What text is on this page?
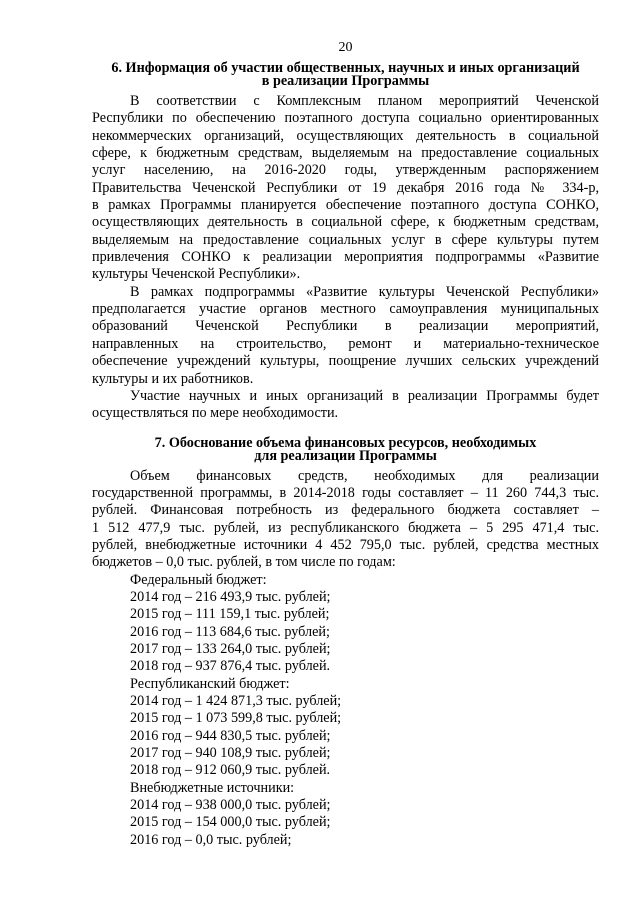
20
6. Информация об участии общественных, научных и иных организаций
в реализации Программы

В соответствии с Комплексным планом мероприятий Чеченской
Республики по обеспечению поэтапного доступа социально ориентированных
некоммерческих организаций, осуществляющих деятельность в социальной
сфере, к бюджетным средствам, выделяемым на предоставление социальных
услуг населению, на 2016-2020 годы, утвержденным распоряжением
Правительства Чеченской Республики от 19 декабря 2016 года № 334-р,
в рамках Программы планируется обеспечение поэтапного доступа СОНКО,
осуществляющих деятельность в социальной сфере, к бюджетным средствам,
выделяемым на предоставление социальных услуг в сфере культуры путем
привлечения СОНКО к реализации мероприятия подпрограммы «Развитие
культуры Чеченской Республики».

В рамках подпрограммы «Развитие культуры Чеченской Республики»
предполагается участие органов местного самоуправления муниципальных
образований Чеченской Республики в реализации мероприятий,
направленных на строительство, ремонт и материально-техническое
обеспечение учреждений культуры, поощрение лучших сельских учреждений
культуры и их работников.

Участие научных и иных организаций в реализации Программы будет
осуществляться по мере необходимости.

7. Обоснование объема финансовых ресурсов, необходимых
для реализации Программы

Объем финансовых средств, необходимых для реализации
государственной программы, в 2014-2018 годы составляет – 11 260 744,3 тыс.
рублей. Финансовая потребность из федерального бюджета составляет –
1 512 477,9 тыс. рублей, из республиканского бюджета – 5 295 471,4 тыс.
рублей, внебюджетные источники 4 452 795,0 тыс. рублей, средства местных
бюджетов – 0,0 тыс. рублей, в том числе по годам:

Федеральный бюджет:
2014 год – 216 493,9 тыс. рублей;
2015 год – 111 159,1 тыс. рублей;
2016 год – 113 684,6 тыс. рублей;
2017 год – 133 264,0 тыс. рублей;
2018 год – 937 876,4 тыс. рублей.
Республиканский бюджет:
2014 год – 1 424 871,3 тыс. рублей;
2015 год – 1 073 599,8 тыс. рублей;
2016 год – 944 830,5 тыс. рублей;
2017 год – 940 108,9 тыс. рублей;
2018 год – 912 060,9 тыс. рублей.
Внебюджетные источники:
2014 год – 938 000,0 тыс. рублей;
2015 год – 154 000,0 тыс. рублей;
2016 год – 0,0 тыс. рублей;
